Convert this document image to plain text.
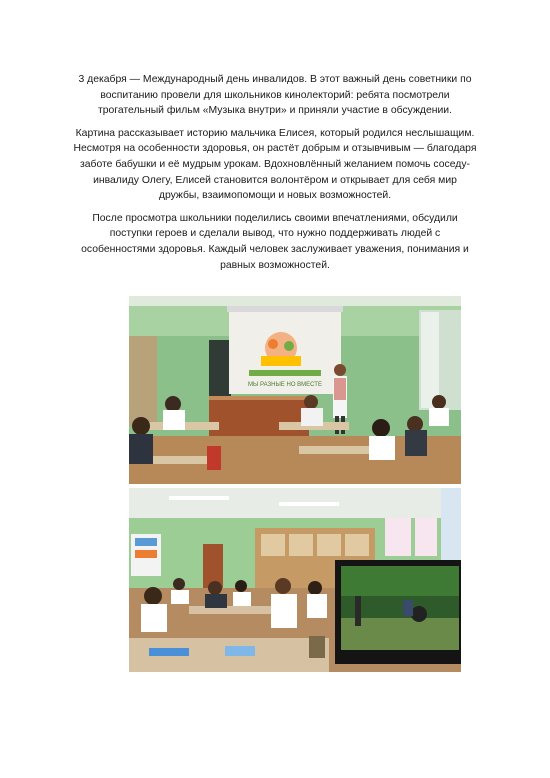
3 декабря — Международный день инвалидов. В этот важный день советники по воспитанию провели для школьников кинолекторий: ребята посмотрели трогательный фильм «Музыка внутри» и приняли участие в обсуждении.

Картина рассказывает историю мальчика Елисея, который родился неслышащим. Несмотря на особенности здоровья, он растёт добрым и отзывчивым — благодаря заботе бабушки и её мудрым урокам. Вдохновлённый желанием помочь соседу-инвалиду Олегу, Елисей становится волонтёром и открывает для себя мир дружбы, взаимопомощи и новых возможностей.

После просмотра школьники поделились своими впечатлениями, обсудили поступки героев и сделали вывод, что нужно поддерживать людей с особенностями здоровья. Каждый человек заслуживает уважения, понимания и равных возможностей.

МЫ РАЗНЫЕ НО ВМЕСТЕ
